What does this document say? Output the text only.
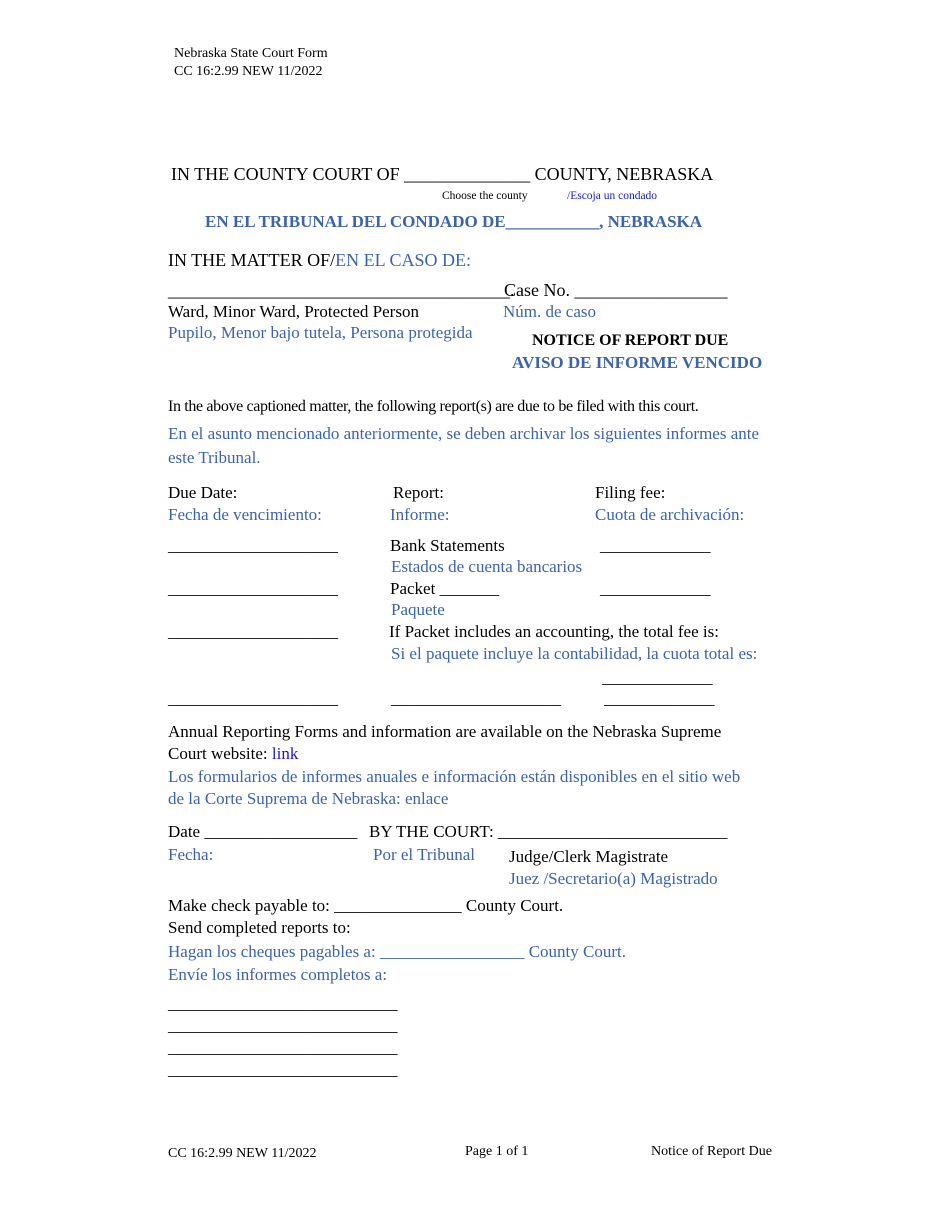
Nebraska State Court Form
CC 16:2.99 NEW 11/2022
IN THE COUNTY COURT OF ______________ COUNTY, NEBRASKA
Choose the county	/Escoja un condado
EN EL TRIBUNAL DEL CONDADO DE___________, NEBRASKA
IN THE MATTER OF/EN EL CASO DE:
______________________________________.
Case No. _________________
Ward, Minor Ward, Protected Person	Núm. de caso
Pupilo, Menor bajo tutela, Persona protegida	NOTICE OF REPORT DUE
AVISO DE INFORME VENCIDO
In the above captioned matter, the following report(s) are due to be filed with this court.
En el asunto mencionado anteriormente, se deben archivar los siguientes informes ante
este Tribunal.
Due Date:	Report:	Filing fee:
Fecha de vencimiento:	Informe:	Cuota de archivación:
____________________	Bank Statements	_____________
Estados de cuenta bancarios
____________________	Packet _______	_____________
Paquete
____________________	If Packet includes an accounting, the total fee is:
Si el paquete incluye la contabilidad, la cuota total es:
_____________
____________________	____________________	_____________
Annual Reporting Forms and information are available on the Nebraska Supreme
Court website: link
Los formularios de informes anuales e información están disponibles en el sitio web
de la Corte Suprema de Nebraska: enlace
Date __________________ BY THE COURT: ___________________________
Fecha:	Por el Tribunal Judge/Clerk Magistrate
Juez /Secretario(a) Magistrado
Make check payable to: _______________ County Court.
Send completed reports to:
Hagan los cheques pagables a: _________________ County Court.
Envíe los informes completos a:
___________________________
___________________________
___________________________
___________________________
CC 16:2.99 NEW 11/2022	Page 1 of 1	Notice of Report Due
